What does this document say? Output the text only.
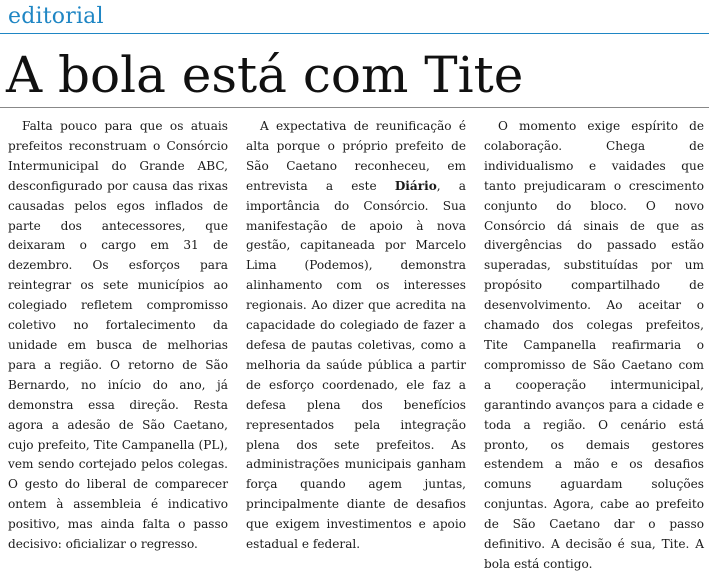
editorial
A bola está com Tite

Falta pouco para que os atuais prefeitos reconstruam o Consórcio Intermunicipal do Grande ABC, desconfigurado por causa das rixas causadas pelos egos inflados de parte dos antecessores, que deixaram o cargo em 31 de dezembro. Os esforços para reintegrar os sete municípios ao colegiado refletem compromisso coletivo no fortalecimento da unidade em busca de melhorias para a região. O retorno de São Bernardo, no início do ano, já demonstra essa direção. Resta agora a adesão de São Caetano, cujo prefeito, Tite Campanella (PL), vem sendo cortejado pelos colegas. O gesto do liberal de comparecer ontem à assembleia é indicativo positivo, mas ainda falta o passo decisivo: oficializar o regresso.

A expectativa de reunificação é alta porque o próprio prefeito de São Caetano reconheceu, em entrevista a este Diário, a importância do Consórcio. Sua manifestação de apoio à nova gestão, capitaneada por Marcelo Lima (Podemos), demonstra alinhamento com os interesses regionais. Ao dizer que acredita na capacidade do colegiado de fazer a defesa de pautas coletivas, como a melhoria da saúde pública a partir de esforço coordenado, ele faz a defesa plena dos benefícios representados pela integração plena dos sete prefeitos. As administrações municipais ganham força quando agem juntas, principalmente diante de desafios que exigem investimentos e apoio estadual e federal.

O momento exige espírito de colaboração. Chega de individualismo e vaidades que tanto prejudicaram o crescimento conjunto do bloco. O novo Consórcio dá sinais de que as divergências do passado estão superadas, substituídas por um propósito compartilhado de desenvolvimento. Ao aceitar o chamado dos colegas prefeitos, Tite Campanella reafirmaria o compromisso de São Caetano com a cooperação intermunicipal, garantindo avanços para a cidade e toda a região. O cenário está pronto, os demais gestores estendem a mão e os desafios comuns aguardam soluções conjuntas. Agora, cabe ao prefeito de São Caetano dar o passo definitivo. A decisão é sua, Tite. A bola está contigo.
